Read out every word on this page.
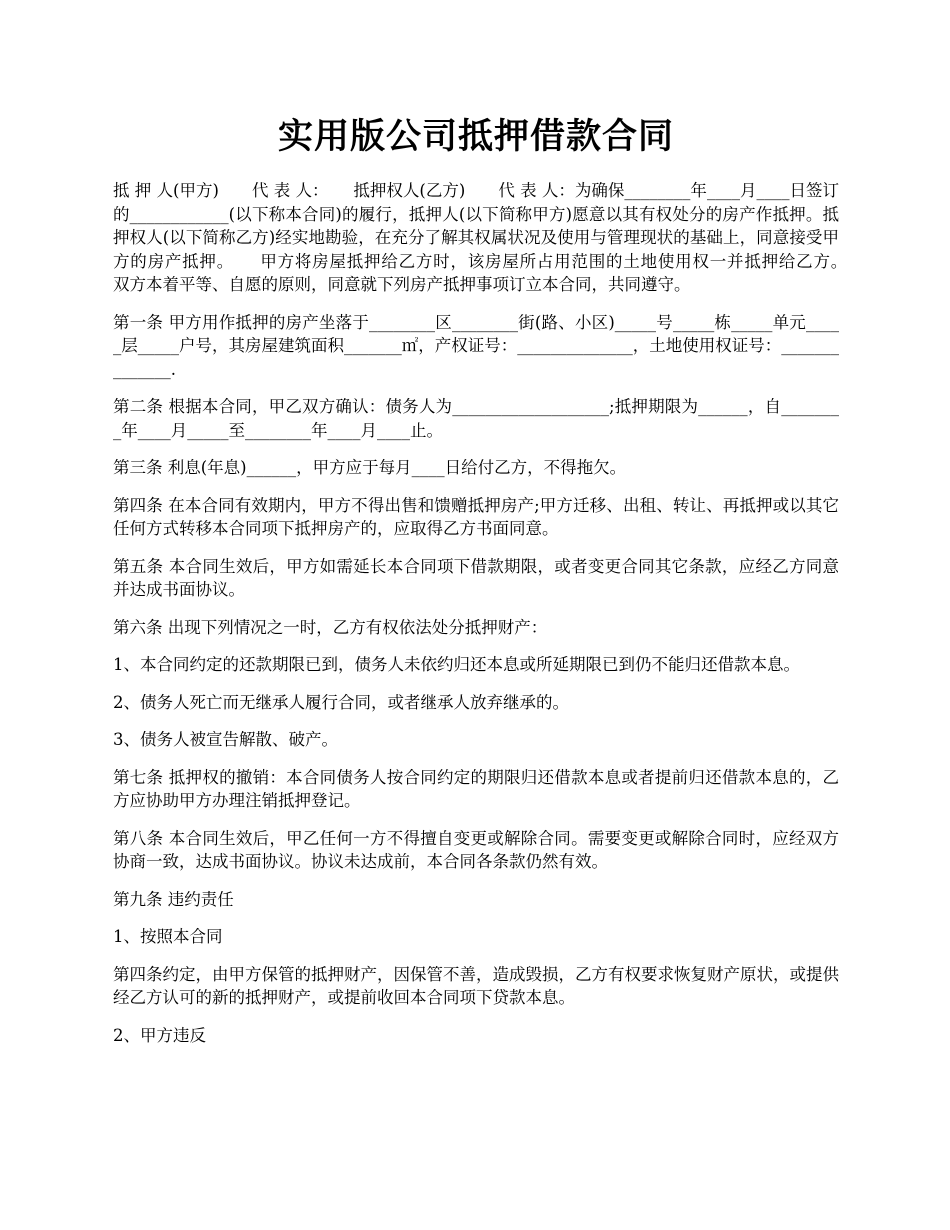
实用版公司抵押借款合同

抵 押 人(甲方)　　代 表 人：　　抵押权人(乙方)　　代 表 人：为确保________年____月____日签订的____________(以下称本合同)的履行，抵押人(以下简称甲方)愿意以其有权处分的房产作抵押。抵押权人(以下简称乙方)经实地勘验，在充分了解其权属状况及使用与管理现状的基础上，同意接受甲方的房产抵押。　　甲方将房屋抵押给乙方时，该房屋所占用范围的土地使用权一并抵押给乙方。　　双方本着平等、自愿的原则，同意就下列房产抵押事项订立本合同，共同遵守。

第一条 甲方用作抵押的房产坐落于________区________街(路、小区)_____号_____栋_____单元_____层_____户号，其房屋建筑面积_______㎡，产权证号：______________，土地使用权证号：______________.

第二条 根据本合同，甲乙双方确认：债务人为___________________;抵押期限为______，自________年____月_____至________年____月____止。

第三条 利息(年息)______，甲方应于每月____日给付乙方，不得拖欠。

第四条 在本合同有效期内，甲方不得出售和馈赠抵押房产;甲方迁移、出租、转让、再抵押或以其它任何方式转移本合同项下抵押房产的，应取得乙方书面同意。

第五条 本合同生效后，甲方如需延长本合同项下借款期限，或者变更合同其它条款，应经乙方同意并达成书面协议。

第六条 出现下列情况之一时，乙方有权依法处分抵押财产：

1、本合同约定的还款期限已到，债务人未依约归还本息或所延期限已到仍不能归还借款本息。

2、债务人死亡而无继承人履行合同，或者继承人放弃继承的。

3、债务人被宣告解散、破产。

第七条 抵押权的撤销：本合同债务人按合同约定的期限归还借款本息或者提前归还借款本息的，乙方应协助甲方办理注销抵押登记。

第八条 本合同生效后，甲乙任何一方不得擅自变更或解除合同。需要变更或解除合同时，应经双方协商一致，达成书面协议。协议未达成前，本合同各条款仍然有效。

第九条 违约责任

1、按照本合同

第四条约定，由甲方保管的抵押财产，因保管不善，造成毁损，乙方有权要求恢复财产原状，或提供经乙方认可的新的抵押财产，或提前收回本合同项下贷款本息。

2、甲方违反
